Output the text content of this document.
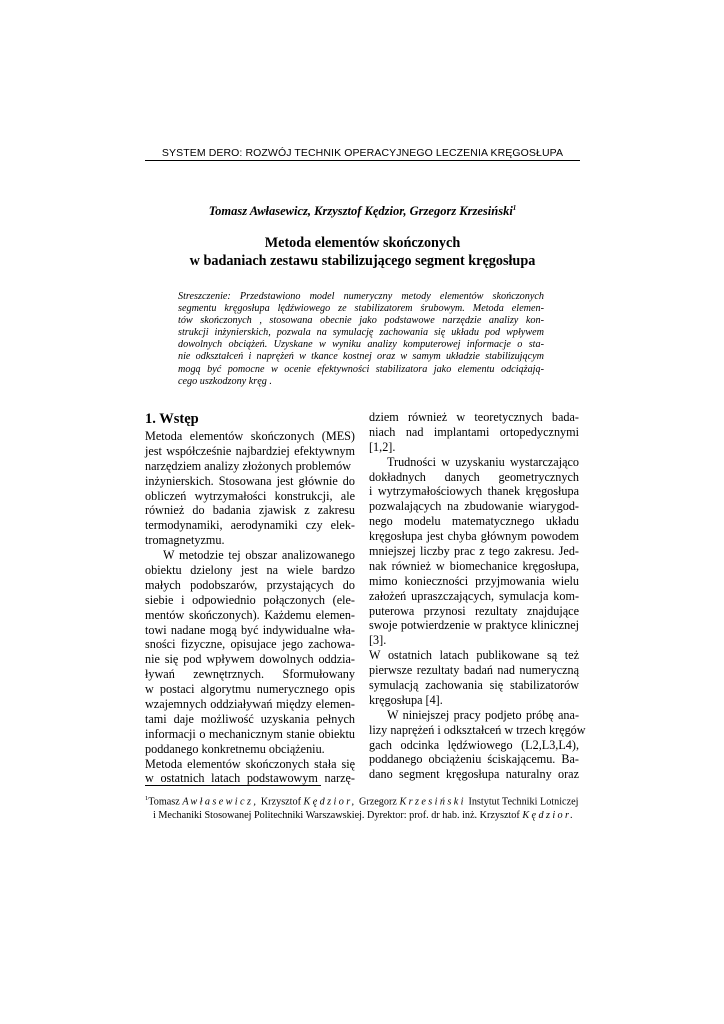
SYSTEM DERO: ROZWÓJ TECHNIK OPERACYJNEGO LECZENIA KRĘGOSŁUPA
Tomasz Awłasewicz, Krzysztof Kędzior, Grzegorz Krzesiński$^1$
Metoda elementów skończonych
w badaniach zestawu stabilizującego segment kręgosłupa
Streszczenie: Przedstawiono model numeryczny metody elementów skończonych
segmentu kręgosłupa lędźwiowego ze stabilizatorem śrubowym. Metoda elemen-
tów skończonych , stosowana obecnie jako podstawowe narzędzie analizy kon-
strukcji inżynierskich, pozwala na symulację zachowania się układu pod wpływem
dowolnych obciążeń. Uzyskane w wyniku analizy komputerowej informacje o sta-
nie odkształceń i naprężeń w tkance kostnej oraz w samym układzie stabilizującym
mogą być pomocne w ocenie efektywności stabilizatora jako elementu odciążają-
cego uszkodzony kręg .
1. Wstęp
Metoda elementów skończonych (MES)
jest współcześnie najbardziej efektywnym
narzędziem analizy złożonych problemów
inżynierskich. Stosowana jest głównie do
obliczeń wytrzymałości konstrukcji, ale
również do badania zjawisk z zakresu
termodynamiki, aerodynamiki czy elek-
tromagnetyzmu.
W metodzie tej obszar analizowanego
obiektu dzielony jest na wiele bardzo
małych podobszarów, przystających do
siebie i odpowiednio połączonych (ele-
mentów skończonych). Każdemu elemen-
towi nadane mogą być indywidualne wła-
sności fizyczne, opisujace jego zachowa-
nie się pod wpływem dowolnych oddzia-
ływań zewnętrznych. Sformułowany
w postaci algorytmu numerycznego opis
wzajemnych oddziaływań między elemen-
tami daje możliwość uzyskania pełnych
informacji o mechanicznym stanie obiektu
poddanego konkretnemu obciążeniu.
Metoda elementów skończonych stała się
w ostatnich latach podstawowym narzę-
dziem również w teoretycznych bada-
niach nad implantami ortopedycznymi
[1,2].
Trudności w uzyskaniu wystarczająco
dokładnych danych geometrycznych
i wytrzymałościowych thanek kręgosłupa
pozwalających na zbudowanie wiarygod-
nego modelu matematycznego układu
kręgosłupa jest chyba głównym powodem
mniejszej liczby prac z tego zakresu. Jed-
nak również w biomechanice kręgosłupa,
mimo konieczności przyjmowania wielu
założeń upraszczających, symulacja kom-
puterowa przynosi rezultaty znajdujące
swoje potwierdzenie w praktyce klinicznej
[3].
W ostatnich latach publikowane są też
pierwsze rezultaty badań nad numeryczną
symulacją zachowania się stabilizatorów
kręgosłupa [4].
W niniejszej pracy podjeto próbę ana-
lizy naprężeń i odkształceń w trzech kręgów
gach odcinka lędźwiowego (L2,L3,L4),
poddanego obciążeniu ściskającemu. Ba-
dano segment kręgosłupa naturalny oraz
$^1$Tomasz Awłasewicz, Krzysztof Kędzior, Grzegorz Krzesiński Instytut Techniki Lotniczej
i Mechaniki Stosowanej Politechniki Warszawskiej. Dyrektor: prof. dr hab. inż. Krzysztof Kędzior.
